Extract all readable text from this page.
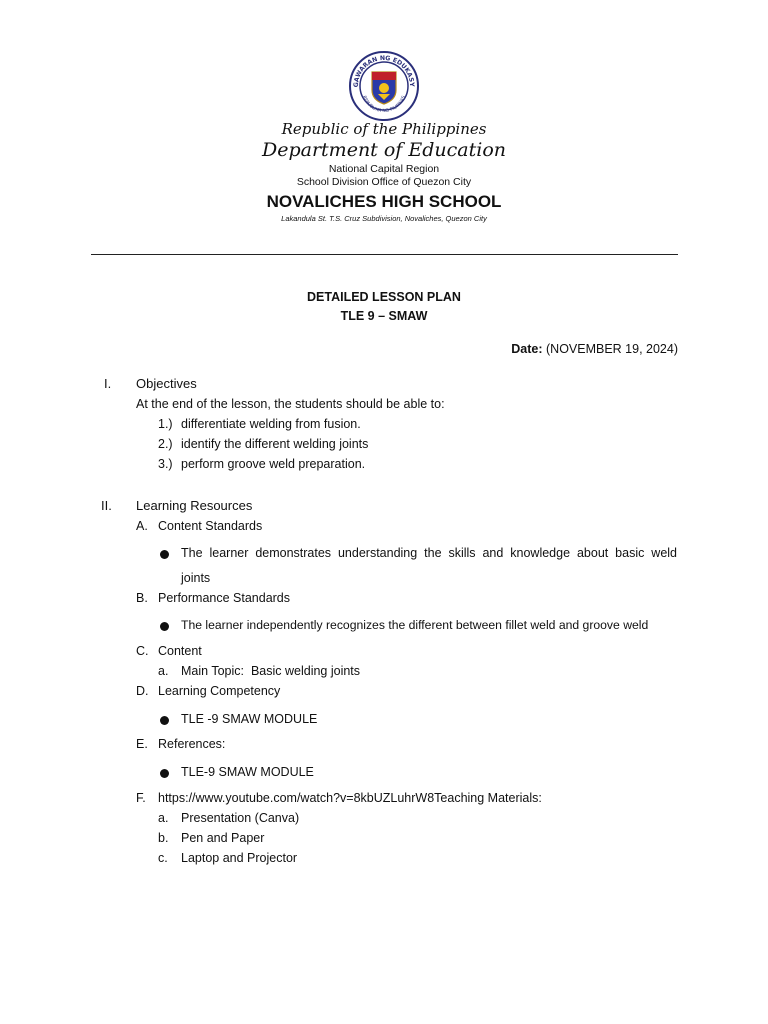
GAWARAN NG EDUKASY
REPUBLIKA NG PILIPINAS
Republic of the Philippines
Department of Education
National Capital Region
School Division Office of Quezon City
NOVALICHES HIGH SCHOOL
Lakandula St. T.S. Cruz Subdivision, Novaliches, Quezon City
DETAILED LESSON PLAN
TLE 9 – SMAW
Date: (NOVEMBER 19, 2024)
I. Objectives
At the end of the lesson, the students should be able to:
1.) differentiate welding from fusion.
2.) identify the different welding joints
3.) perform groove weld preparation.
II. Learning Resources
A. Content Standards
The learner demonstrates understanding the skills and knowledge about basic weld
joints
B. Performance Standards
The learner independently recognizes the different between fillet weld and groove weld
C. Content
a. Main Topic:  Basic welding joints
D. Learning Competency
TLE -9 SMAW MODULE
E. References:
TLE-9 SMAW MODULE
F. https://www.youtube.com/watch?v=8kbUZLuhrW8Teaching Materials:
a. Presentation (Canva)
b. Pen and Paper
c. Laptop and Projector
